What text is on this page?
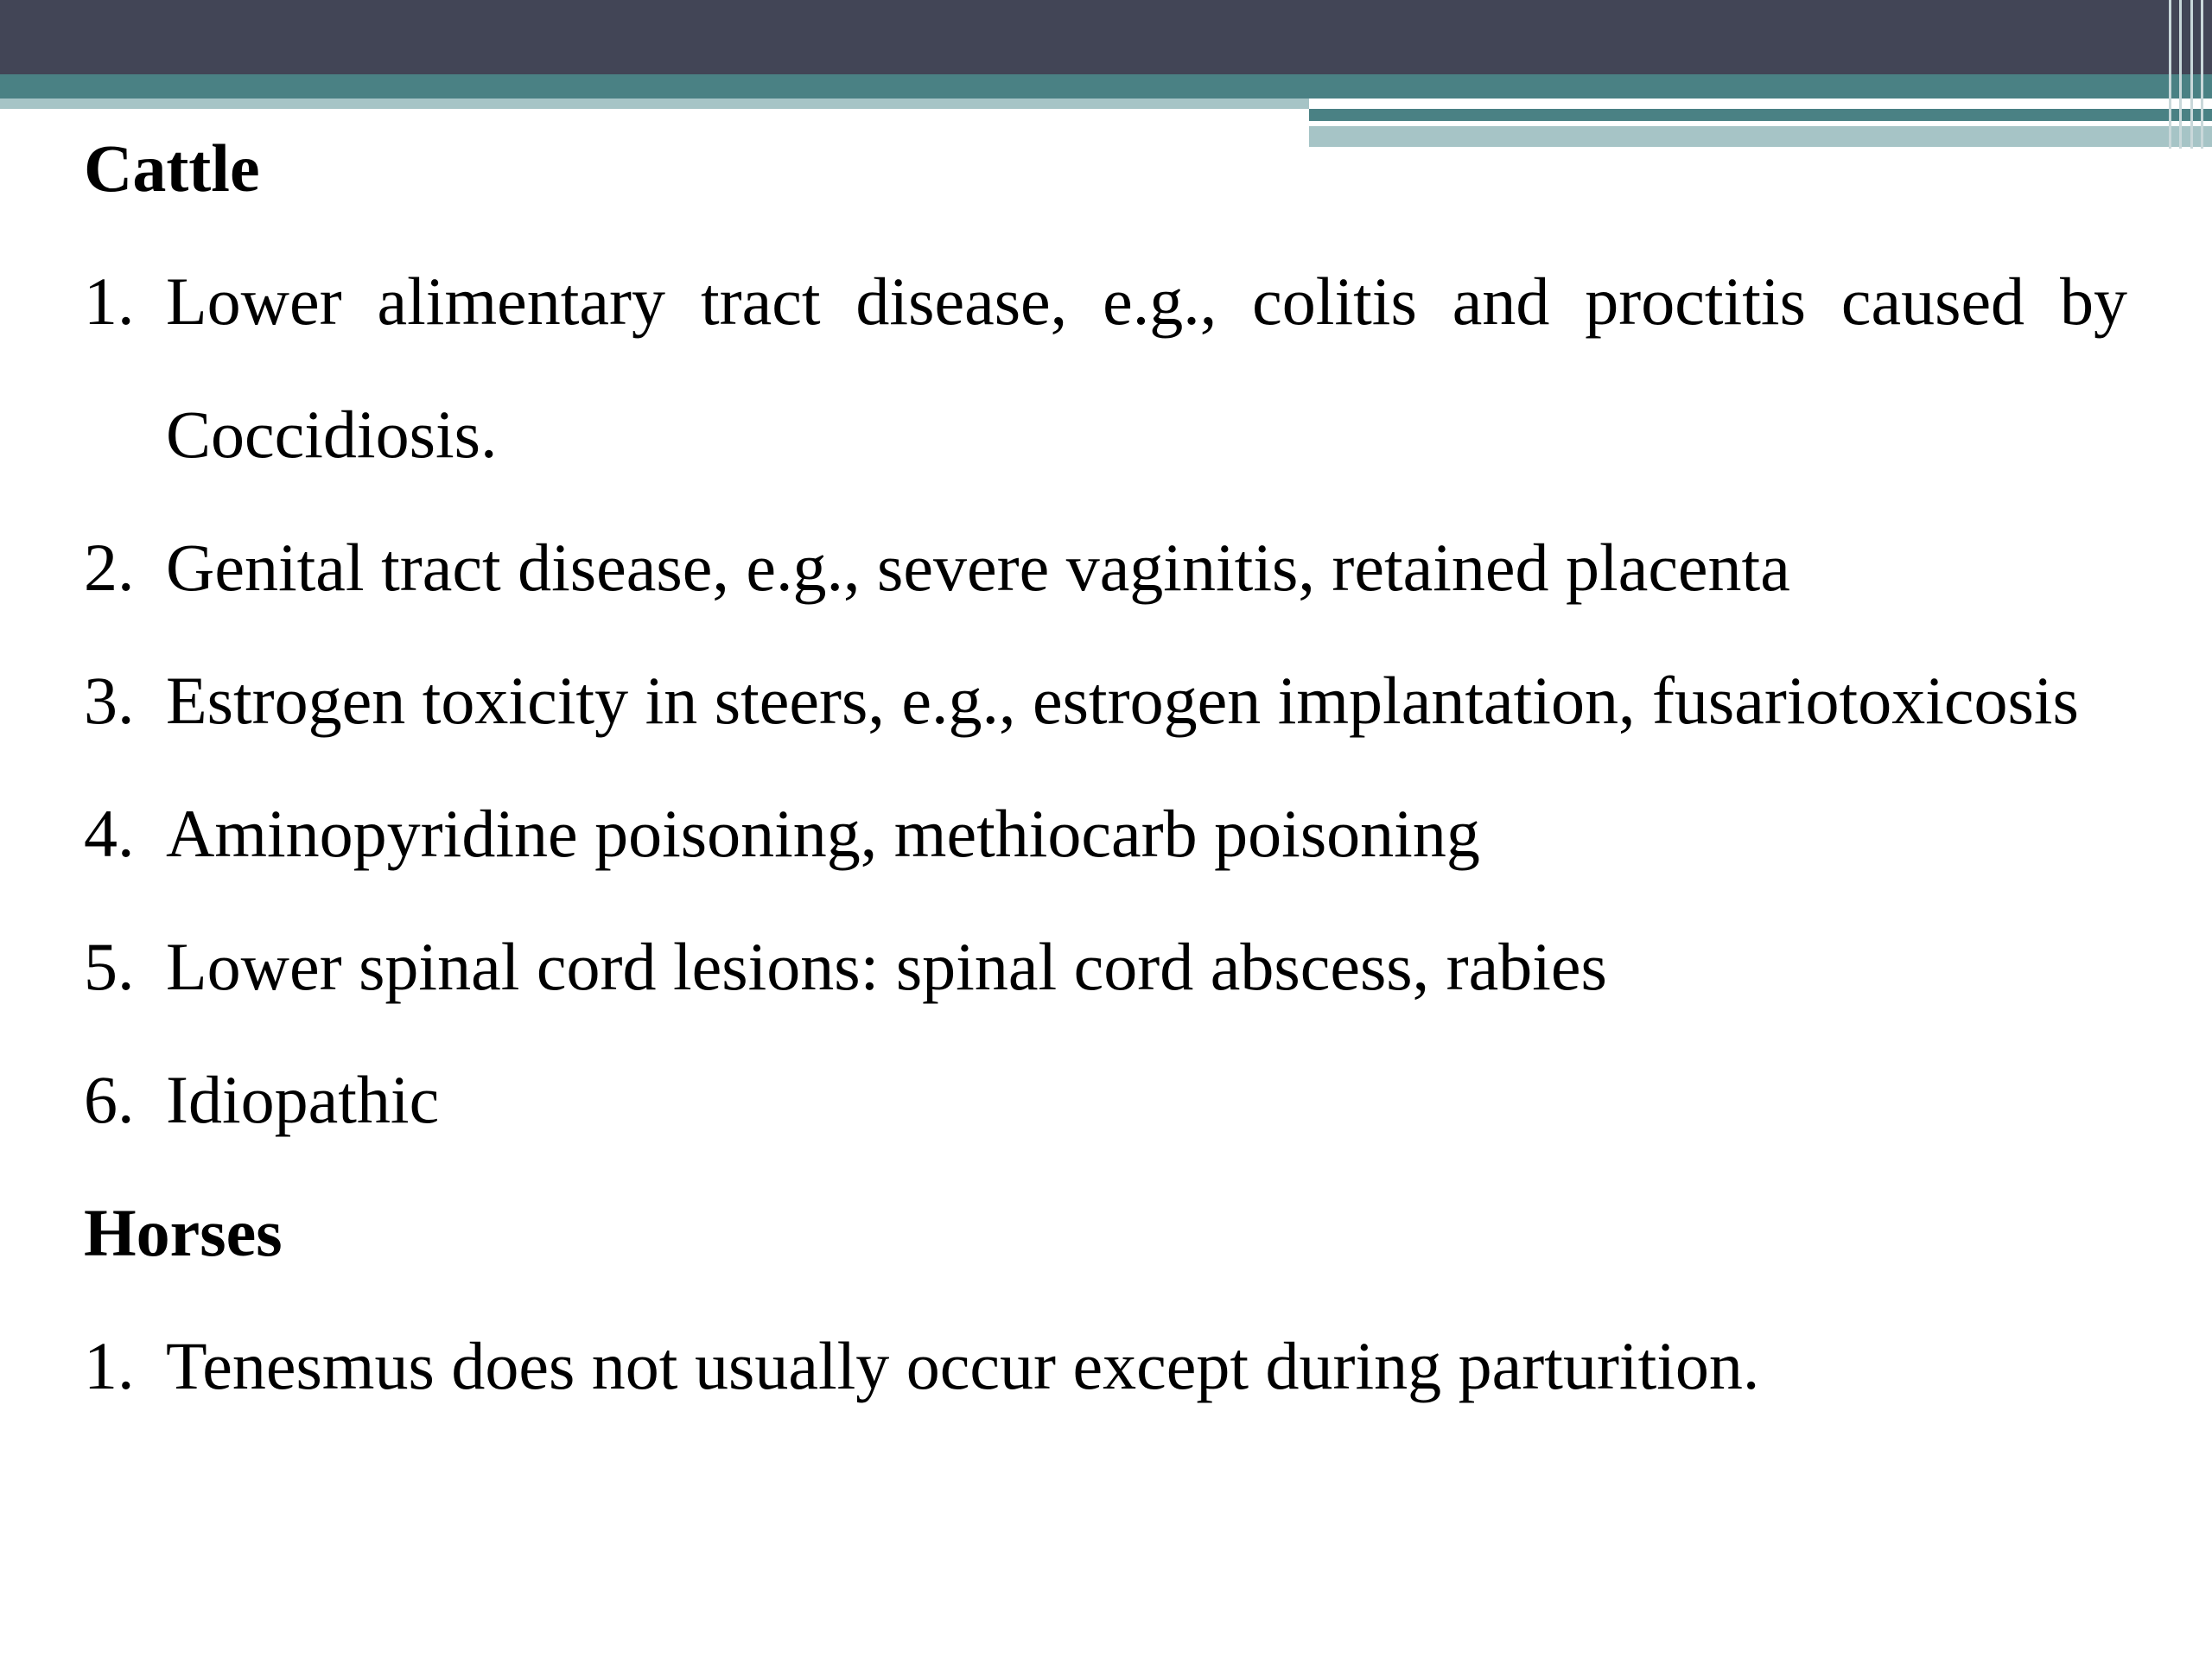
Cattle
1. Lower alimentary tract disease, e.g., colitis and proctitis caused by Coccidiosis.
2. Genital tract disease, e.g., severe vaginitis, retained placenta
3. Estrogen toxicity in steers, e.g., estrogen implantation, fusariotoxicosis
4. Aminopyridine poisoning, methiocarb poisoning
5. Lower spinal cord lesions: spinal cord abscess, rabies
6. Idiopathic
Horses
1. Tenesmus does not usually occur except during parturition.
